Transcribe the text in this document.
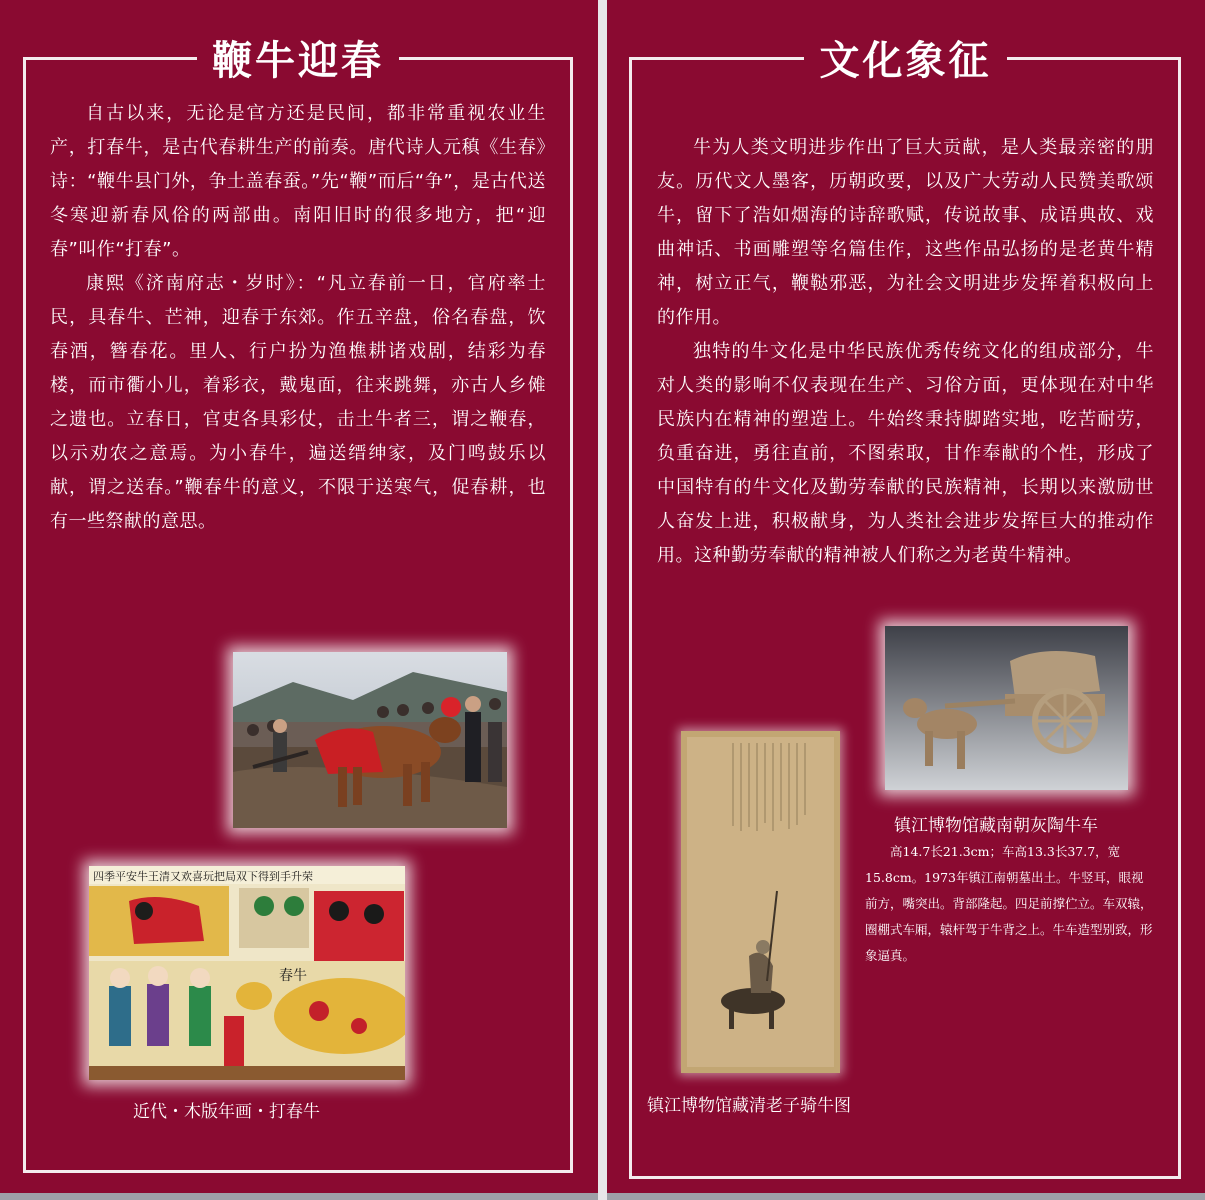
鞭牛迎春

自古以来，无论是官方还是民间，都非常重视农业生产，打春牛，是古代春耕生产的前奏。唐代诗人元稹《生春》诗：“鞭牛县门外，争土盖春蚕。”先“鞭”而后“争”，是古代送冬寒迎新春风俗的两部曲。南阳旧时的很多地方，把“迎春”叫作“打春”。

康熙《济南府志・岁时》：“凡立春前一日，官府率士民，具春牛、芒神，迎春于东郊。作五辛盘，俗名春盘，饮春酒，簪春花。里人、行户扮为渔樵耕诸戏剧，结彩为春楼，而市衢小儿，着彩衣，戴鬼面，往来跳舞，亦古人乡傩之遗也。立春日，官吏各具彩仗，击土牛者三，谓之鞭春，以示劝农之意焉。为小春牛，遍送缙绅家，及门鸣鼓乐以献，谓之送春。”鞭春牛的意义，不限于送寒气，促春耕，也有一些祭献的意思。

四季平安牛王清又欢喜玩把局双下得到手升荣
春牛
近代・木版年画・打春牛
文化象征

牛为人类文明进步作出了巨大贡献，是人类最亲密的朋友。历代文人墨客，历朝政要，以及广大劳动人民赞美歌颂牛，留下了浩如烟海的诗辞歌赋，传说故事、成语典故、戏曲神话、书画雕塑等名篇佳作，这些作品弘扬的是老黄牛精神，树立正气，鞭鞑邪恶，为社会文明进步发挥着积极向上的作用。

独特的牛文化是中华民族优秀传统文化的组成部分，牛对人类的影响不仅表现在生产、习俗方面，更体现在对中华民族内在精神的塑造上。牛始终秉持脚踏实地，吃苦耐劳，负重奋进，勇往直前，不图索取，甘作奉献的个性，形成了中国特有的牛文化及勤劳奉献的民族精神，长期以来激励世人奋发上进，积极献身，为人类社会进步发挥巨大的推动作用。这种勤劳奉献的精神被人们称之为老黄牛精神。

镇江博物馆藏南朝灰陶牛车

高14.7长21.3cm；车高13.3长37.7，宽15.8cm。1973年镇江南朝墓出土。牛竖耳，眼视前方，嘴突出。背部隆起。四足前撑伫立。车双辕，圈棚式车厢，辕杆驾于牛背之上。牛车造型别致，形象逼真。

镇江博物馆藏清老子骑牛图
